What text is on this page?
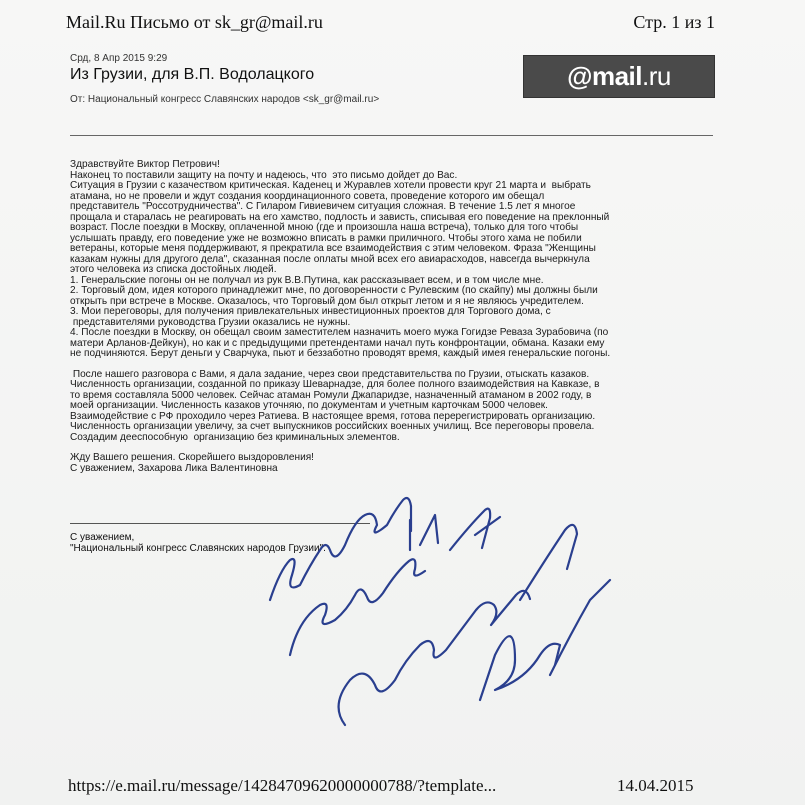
Mail.Ru Письмо от sk_gr@mail.ru	Стр. 1 из 1
Срд, 8 Апр 2015 9:29
Из Грузии, для В.П. Водолацкого
От: Национальный конгресс Славянских народов <sk_gr@mail.ru>
@mail .ru

Здравствуйте Виктор Петрович!

Наконец то поставили защиту на почту и надеюсь, что  это письмо дойдет до Вас.

Ситуация в Грузии с казачеством критическая. Каденец и Журавлев хотели провести круг 21 марта и  выбрать

атамана, но не провели и ждут создания координационного совета, проведение которого им обещал

представитель "Россотрудничества". С Гиларом Гивиевичем ситуация сложная. В течение 1.5 лет я многое

прощала и старалась не реагировать на его хамство, подлость и зависть, списывая его поведение на преклонный

возраст. После поездки в Москву, оплаченной мною (где и произошла наша встреча), только для того чтобы

услышать правду, его поведение уже не возможно вписать в рамки приличного. Чтобы этого хама не побили

ветераны, которые меня поддерживают, я прекратила все взаимодействия с этим человеком. Фраза "Женщины

казакам нужны для другого дела", сказанная после оплаты мной всех его авиарасходов, навсегда вычеркнула

этого человека из списка достойных людей.

1. Генеральские погоны он не получал из рук В.В.Путина, как рассказывает всем, и в том числе мне.

2. Торговый дом, идея которого принадлежит мне, по договоренности с Рулевским (по скайпу) мы должны были

открыть при встрече в Москве. Оказалось, что Торговый дом был открыт летом и я не являюсь учредителем.

3. Мои переговоры, для получения привлекательных инвестиционных проектов для Торгового дома, с

представителями руководства Грузии оказались не нужны.

4. После поездки в Москву, он обещал своим заместителем назначить моего мужа Гогидзе Реваза Зурабовича (по

матери Арланов-Дейкун), но как и с предыдущими претендентами начал путь конфронтации, обмана. Казаки ему

не подчиняются. Берут деньги у Сварчука, пьют и беззаботно проводят время, каждый имея генеральские погоны.

После нашего разговора с Вами, я дала задание, через свои представительства по Грузии, отыскать казаков.

Численность организации, созданной по приказу Шеварнадзе, для более полного взаимодействия на Кавказе, в

то время составляла 5000 человек. Сейчас атаман Ромули Джапаридзе, назначенный атаманом в 2002 году, в

моей организации. Численность казаков уточняю, по документам и учетным карточкам 5000 человек.

Взаимодействие с РФ проходило через Ратиева. В настоящее время, готова перерегистрировать организацию.

Численность организации увеличу, за счет выпускников российских военных училищ. Все переговоры провела.

Создадим дееспособную  организацию без криминальных элементов.

Жду Вашего решения. Скорейшего выздоровления!

С уважением, Захарова Лика Валентиновна

С уважением,
"Национальный конгресс Славянских народов Грузии".
https://e.mail.ru/message/14284709620000000788/?template...	14.04.2015
